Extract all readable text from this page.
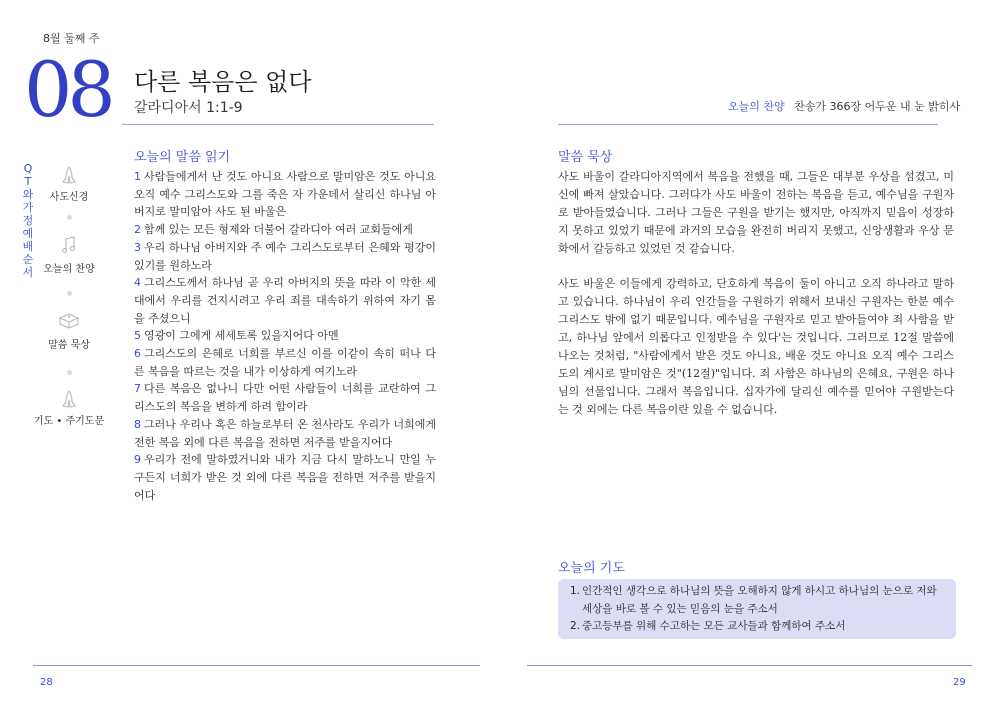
8월 둘째 주
08 다른 복음은 없다
갈라디아서 1:1-9	오늘의 찬양 찬송가 366장 어두운 내 눈 밝히사
QT와 가정예배 순서
사도신경
오늘의 찬양
말씀 묵상
기도 • 주기도문
오늘의 말씀 읽기

1 사람들에게서 난 것도 아니요 사람으로 말미암은 것도 아니요 오직 예수 그리스도와 그를 죽은 자 가운데서 살리신 하나님 아버지로 말미암아 사도 된 바울은

2 함께 있는 모든 형제와 더불어 갈라디아 여러 교회들에게

3 우리 하나님 아버지와 주 예수 그리스도로부터 은혜와 평강이 있기를 원하노라

4 그리스도께서 하나님 곧 우리 아버지의 뜻을 따라 이 악한 세대에서 우리를 건지시려고 우리 죄를 대속하기 위하여 자기 몸을 주셨으니

5 영광이 그에게 세세토록 있을지어다 아멘

6 그리스도의 은혜로 너희를 부르신 이를 이같이 속히 떠나 다른 복음을 따르는 것을 내가 이상하게 여기노라

7 다른 복음은 없나니 다만 어떤 사람들이 너희를 교란하여 그리스도의 복음을 변하게 하려 함이라

8 그러나 우리나 혹은 하늘로부터 온 천사라도 우리가 너희에게 전한 복음 외에 다른 복음을 전하면 저주를 받을지어다

9 우리가 전에 말하였거니와 내가 지금 다시 말하노니 만일 누구든지 너희가 받은 것 외에 다른 복음을 전하면 저주를 받을지어다

말씀 묵상

사도 바울이 갈라디아지역에서 복음을 전했을 때, 그들은 대부분 우상을 섬겼고, 미신에 빠져 살았습니다. 그러다가 사도 바울이 전하는 복음을 듣고, 예수님을 구원자로 받아들였습니다. 그러나 그들은 구원을 받기는 했지만, 아직까지 믿음이 성장하지 못하고 있었기 때문에 과거의 모습을 완전히 버리지 못했고, 신앙생활과 우상 문화에서 갈등하고 있었던 것 같습니다.

사도 바울은 이들에게 강력하고, 단호하게 복음이 둘이 아니고 오직 하나라고 말하고 있습니다. 하나님이 우리 인간들을 구원하기 위해서 보내신 구원자는 한분 예수 그리스도 밖에 없기 때문입니다. 예수님을 구원자로 믿고 받아들여야 죄 사함을 받고, 하나님 앞에서 의롭다고 인정받을 수 있다'는 것입니다. 그러므로 12절 말씀에 나오는 것처럼, "사람에게서 받은 것도 아니요, 배운 것도 아니요 오직 예수 그리스도의 계시로 말미암은 것"(12절)"입니다. 죄 사함은 하나님의 은혜요, 구원은 하나님의 선물입니다. 그래서 복음입니다. 십자가에 달리신 예수를 믿어야 구원받는다는 것 외에는 다른 복음이란 있을 수 없습니다.

오늘의 기도
1. 인간적인 생각으로 하나님의 뜻을 오해하지 않게 하시고 하나님의 눈으로 저와 세상을 바로 볼 수 있는 믿음의 눈을 주소서
2. 중고등부를 위해 수고하는 모든 교사들과 함께하여 주소서
28	29
